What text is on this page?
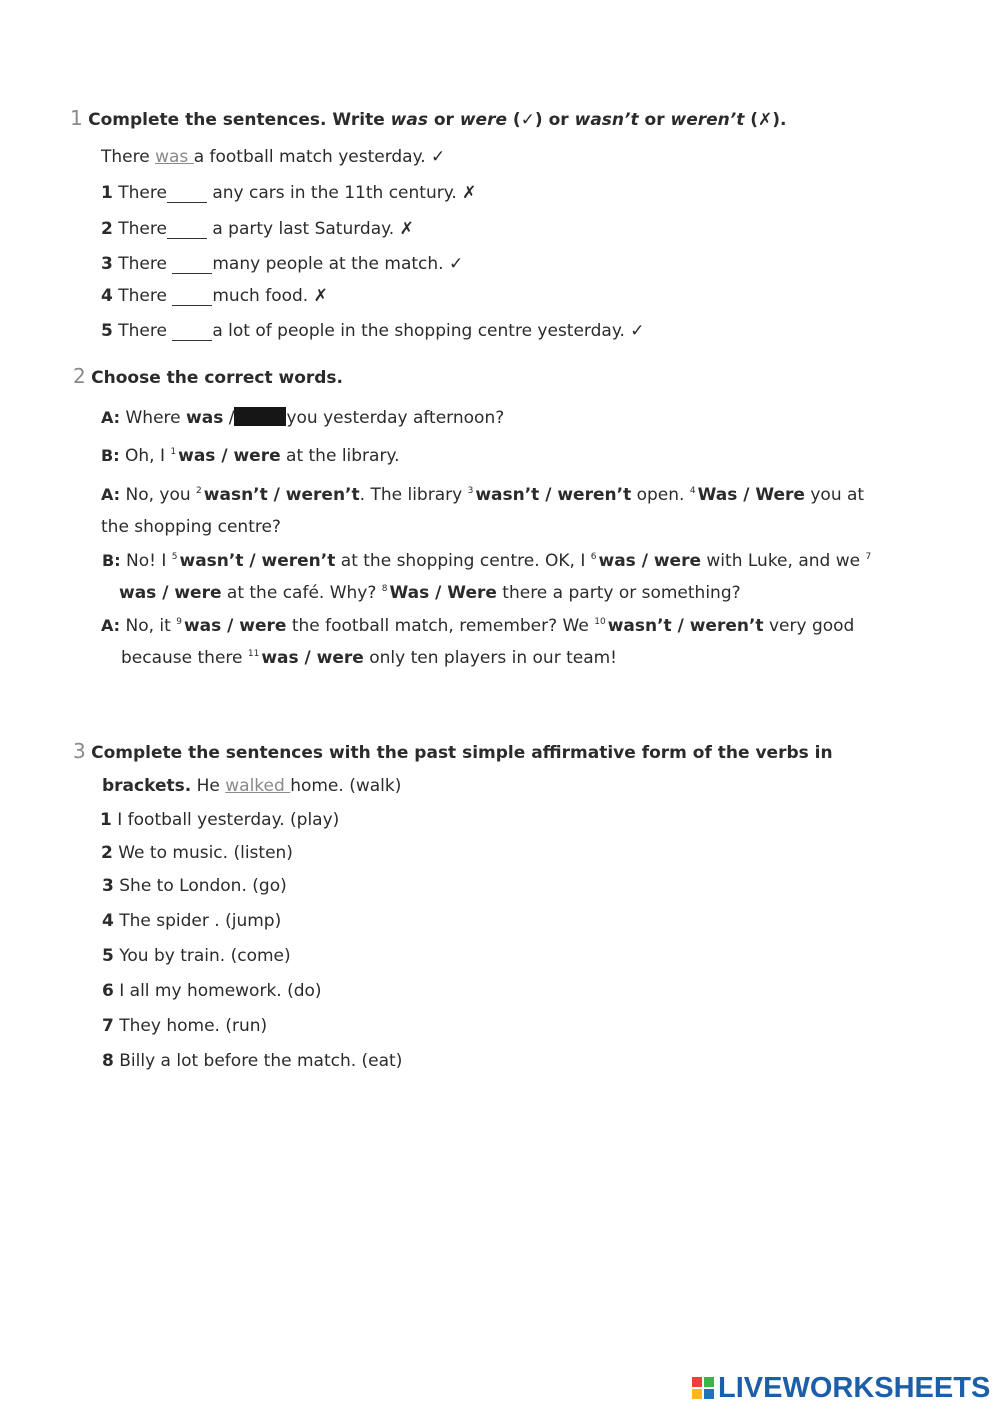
1 Complete the sentences. Write was or were (✓) or wasn’t or weren’t (✗).
There was a football match yesterday. ✓
1 There any cars in the 11th century. ✗
2 There a party last Saturday. ✗
3 There many people at the match. ✓
4 There much food. ✗
5 There a lot of people in the shopping centre yesterday. ✓
2 Choose the correct words.
A: Where was /	you yesterday afternoon?
B: Oh, I $^1$ was / were at the library.
A: No, you $^2$ wasn’t / weren’t. The library $^3$ wasn’t / weren’t open. $^4$ Was / Were you at
the shopping centre?
B: No! I $^5$ wasn’t / weren’t at the shopping centre. OK, I $^6$ was / were with Luke, and we $^7$
was / were at the café. Why? $^8$ Was / Were there a party or something?
A: No, it $^9$ was / were the football match, remember? We $^{10}$ wasn’t / weren’t very good
because there $^{11}$ was / were only ten players in our team!
3 Complete the sentences with the past simple affirmative form of the verbs in
brackets. He walked home. (walk)
1 I football yesterday. (play)
2 We to music. (listen)
3 She to London. (go)
4 The spider . (jump)
5 You by train. (come)
6 I all my homework. (do)
7 They home. (run)
8 Billy a lot before the match. (eat)
LIVEWORKSHEETS
